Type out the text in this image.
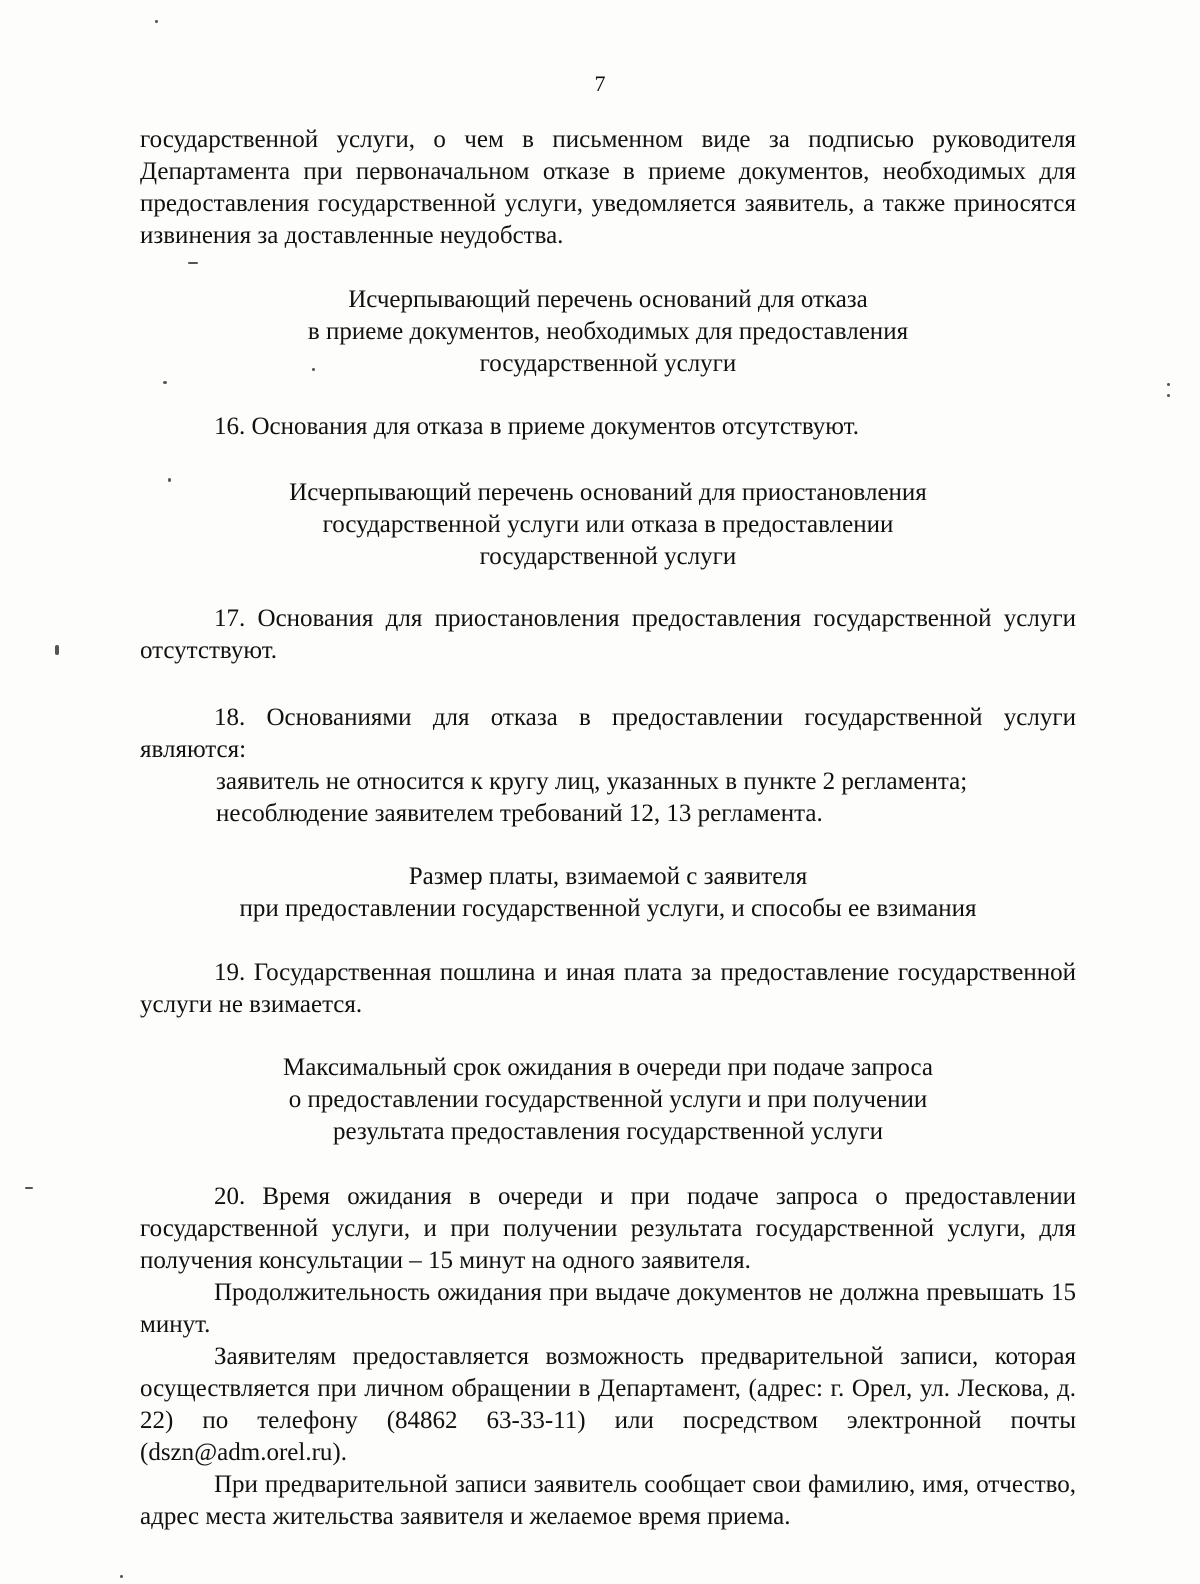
7

государственной услуги, о чем в письменном виде за подписью руководителя Департамента при первоначальном отказе в приеме документов, необходимых для предоставления государственной услуги, уведомляется заявитель, а также приносятся извинения за доставленные неудобства.

Исчерпывающий перечень оснований для отказа

в приеме документов, необходимых для предоставления

государственной услуги

16. Основания для отказа в приеме документов отсутствуют.

Исчерпывающий перечень оснований для приостановления

государственной услуги или отказа в предоставлении

государственной услуги

17. Основания для приостановления предоставления государственной услуги отсутствуют.

18. Основаниями для отказа в предоставлении государственной услуги являются:

заявитель не относится к кругу лиц, указанных в пункте 2 регламента;

несоблюдение заявителем требований 12, 13 регламента.

Размер платы, взимаемой с заявителя

при предоставлении государственной услуги, и способы ее взимания

19. Государственная пошлина и иная плата за предоставление государственной услуги не взимается.

Максимальный срок ожидания в очереди при подаче запроса

о предоставлении государственной услуги и при получении

результата предоставления государственной услуги

20. Время ожидания в очереди и при подаче запроса о предоставлении государственной услуги, и при получении результата государственной услуги, для получения консультации – 15 минут на одного заявителя.

Продолжительность ожидания при выдаче документов не должна превышать 15 минут.

Заявителям предоставляется возможность предварительной записи, которая осуществляется при личном обращении в Департамент, (адрес: г. Орел, ул. Лескова, д. 22) по телефону (84862 63-33-11) или посредством электронной почты (dszn@adm.orel.ru).

При предварительной записи заявитель сообщает свои фамилию, имя, отчество, адрес места жительства заявителя и желаемое время приема.
